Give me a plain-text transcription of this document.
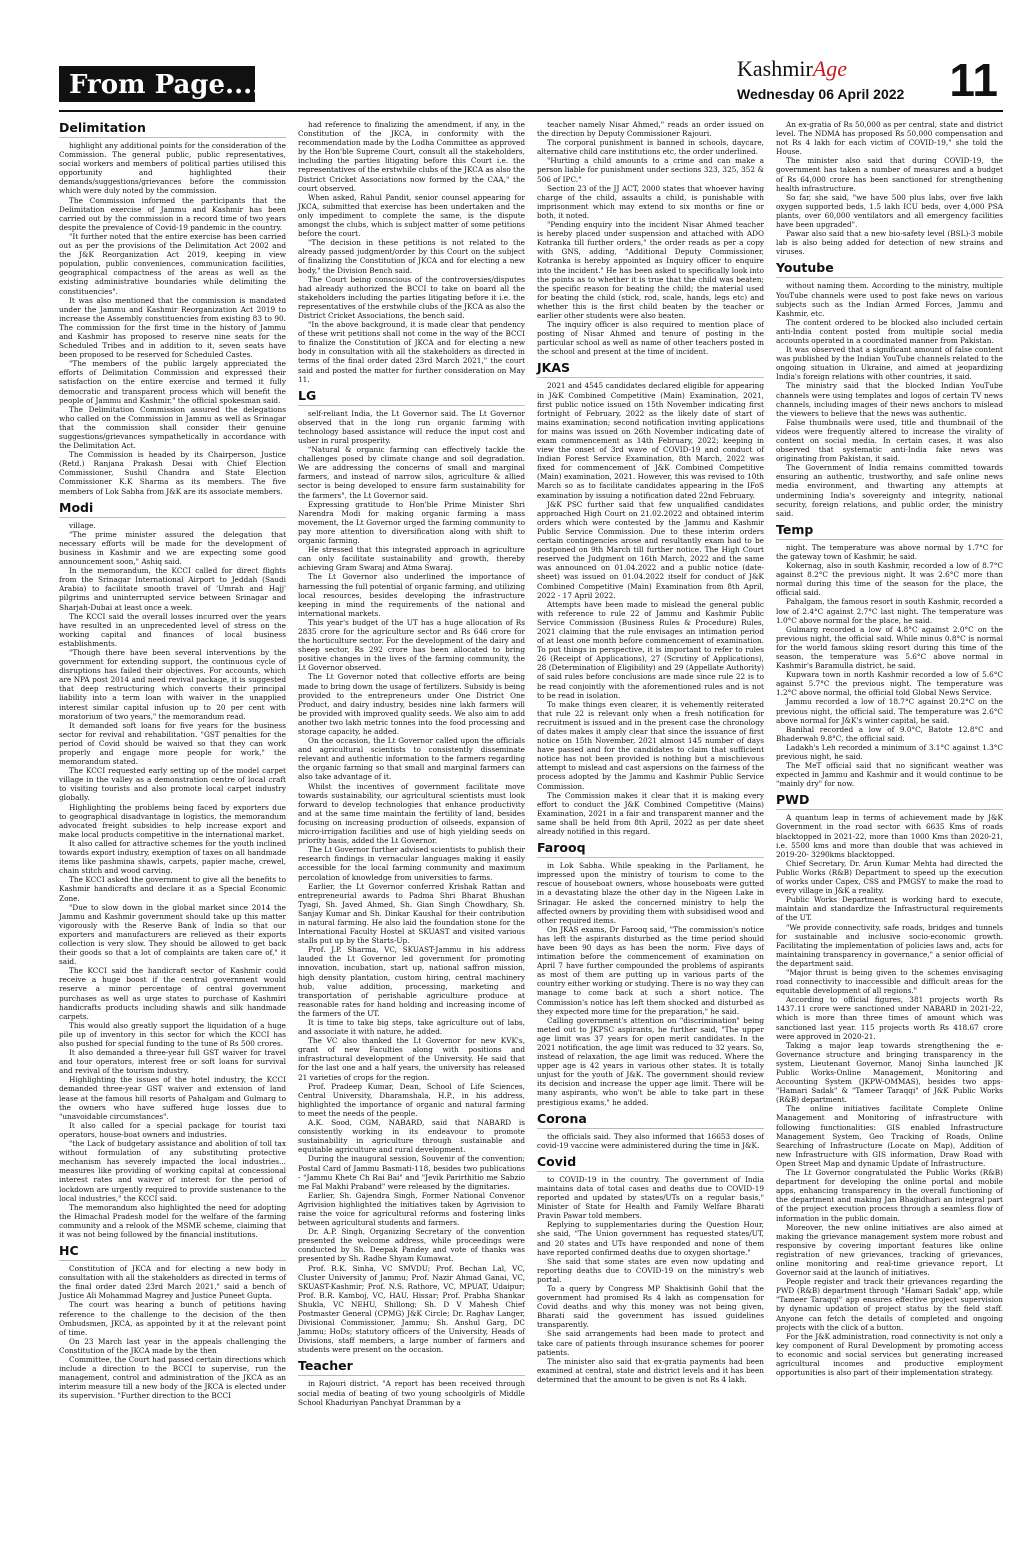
From Page....01
KashmirAge
Wednesday 06 April 2022 11
Delimitation

highlight any additional points for the consideration of the Commission. The general public, public representatives, social workers and members of political parties utilised this opportunity and highlighted their demands/suggestions/grievances before the commission which were duly noted by the commission.

The Commission informed the participants that the Delimitation exercise of Jammu and Kashmir has been carried out by the commission in a record time of two years despite the prevalence of Covid-19 pandemic in the country.

"It further noted that the entire exercise has been carried out as per the provisions of the Delimitation Act 2002 and the J&K Reorganization Act 2019, keeping in view population, public conveniences, communication facilities, geographical compactness of the areas as well as the existing administrative boundaries while delimiting the constituencies".

It was also mentioned that the commission is mandated under the Jammu and Kashmir Reorganization Act 2019 to increase the Assembly constituencies from existing 83 to 90. The commission for the first time in the history of Jammu and Kashmir has proposed to reserve nine seats for the Scheduled Tribes and in addition to it, seven seats have been proposed to be reserved for Scheduled Castes.

"The members of the public largely appreciated the efforts of Delimitation Commission and expressed their satisfaction on the entire exercise and termed it fully democratic and transparent process which will benefit the people of Jammu and Kashmir," the official spokesman said.

The Delimitation Commission assured the delegations who called on the Commission in Jammu as well as Srinagar that the commission shall consider their genuine suggestions/grievances sympathetically in accordance with the Delimitation Act.

The Commission is headed by its Chairperson, Justice (Retd.) Ranjana Prakash Desai with Chief Election Commissioner, Sushil Chandra and State Election Commissioner K.K Sharma as its members. The five members of Lok Sabha from J&K are its associate members.

Modi

village.

"The prime minister assured the delegation that necessary efforts will be made for the development of business in Kashmir and we are expecting some good announcement soon," Ashiq said.

In the memorandum, the KCCI called for direct flights from the Srinagar International Airport to Jeddah (Saudi Arabia) to facilitate smooth travel of 'Umrah and Hajj' pilgrims and uninterrupted service between Srinagar and Sharjah-Dubai at least once a week.

The KCCI said the overall losses incurred over the years have resulted in an unprecedented level of stress on the working capital and finances of local business establishments.

"Though there have been several interventions by the government for extending support, the continuous cycle of disruptions has failed their objectives. For accounts, which are NPA post 2014 and need revival package, it is suggested that deep restructuring which converts their principal liability into a term loan with waiver in the unapplied interest similar capital infusion up to 20 per cent with moratorium of two years," the memorandum read.

It demanded soft loans for five years for the business sector for revival and rehabilitation. "GST penalties for the period of Covid should be waived so that they can work properly and engage more people for work," the memorandum stated.

The KCCI requested early setting up of the model carpet village in the valley as a demonstration centre of local craft to visiting tourists and also promote local carpet industry globally.

Highlighting the problems being faced by exporters due to geographical disadvantage in logistics, the memorandum advocated freight subsidies to help increase export and make local products competitive in the international market.

It also called for attractive schemes for the youth inclined towards export industry, exemption of taxes on all handmade items like pashmina shawls, carpets, papier mache, crewel, chain stitch and wood carving.

The KCCI asked the government to give all the benefits to Kashmir handicrafts and declare it as a Special Economic Zone.

"Due to slow down in the global market since 2014 the Jammu and Kashmir government should take up this matter vigorously with the Reserve Bank of India so that our exporters and manufacturers are relieved as their exports collection is very slow. They should be allowed to get back their goods so that a lot of complaints are taken care of," it said.

The KCCI said the handicraft sector of Kashmir could receive a huge boost if the central government would reserve a minor percentage of central government purchases as well as urge states to purchase of Kashmiri handicrafts products including shawls and silk handmade carpets.

This would also greatly support the liquidation of a huge pile up of inventory in this sector for which the KCCI has also pushed for special funding to the tune of Rs 500 crores.

It also demanded a three-year full GST waiver for travel and tour operators, interest free or soft loans for survival and revival of the tourism industry.

Highlighting the issues of the hotel industry, the KCCI demanded three-year GST waiver and extension of land lease at the famous hill resorts of Pahalgam and Gulmarg to the owners who have suffered huge losses due to "unavoidable circumstances".

It also called for a special package for tourist taxi operators, house-boat owners and industries.

"the Lack of budgetary assistance and abolition of toll tax without formulation of any substituting protective mechanism has severely impacted the local industries... measures like providing of working capital at concessional interest rates and waiver of interest for the period of lockdown are urgently required to provide sustenance to the local industries," the KCCI said.

The memorandum also highlighted the need for adopting the Himachal Pradesh model for the welfare of the farming community and a relook of the MSME scheme, claiming that it was not being followed by the financial institutions.

HC

Constitution of JKCA and for electing a new body in consultation with all the stakeholders as directed in terms of the final order dated 23rd March 2021," said a bench of Justice Ali Mohammad Magrey and Justice Puneet Gupta.

The court was hearing a bunch of petitions having reference to the challenge to the decision of the then Ombudsmen, JKCA, as appointed by it at the relevant point of time.

On 23 March last year in the appeals challenging the Constitution of the JKCA made by the then

Committee, the Court had passed certain directions which include a direction to the BCCI to supervise, run the management, control and administration of the JKCA as an interim measure till a new body of the JKCA is elected under its supervision. "Further direction to the BCCI

had reference to finalizing the amendment, if any, in the Constitution of the JKCA, in conformity with the recommendation made by the Lodha Committee as approved by the Hon'ble Supreme Court, consult all the stakeholders, including the parties litigating before this Court i.e. the representatives of the erstwhile clubs of the JKCA as also the District Cricket Associations now formed by the CAA," the court observed.

When asked, Rahul Pandit, senior counsel appearing for JKCA, submitted that exercise has been undertaken and the only impediment to complete the same, is the dispute amongst the clubs, which is subject matter of some petitions before the court.

"The decision in these petitions is not related to the already passed judgment/order by this Court on the subject of finalizing the Constitution of JKCA and for electing a new body," the Division Bench said.

The Court being conscious of the controversies/disputes had already authorized the BCCI to take on board all the stakeholders including the parties litigating before it i.e. the representatives of the erstwhile clubs of the JKCA as also the District Cricket Associations, the bench said.

"In the above background, it is made clear that pendency of these writ petitions shall not come in the way of the BCCI to finalize the Constitution of JKCA and for electing a new body in consultation with all the stakeholders as directed in terms of the final order dated 23rd March 2021," the court said and posted the matter for further consideration on May 11.

LG

self-reliant India, the Lt Governor said. The Lt Governor observed that in the long run organic farming with technology based assistance will reduce the input cost and usher in rural prosperity.

"Natural & organic farming can effectively tackle the challenges posed by climate change and soil degradation. We are addressing the concerns of small and marginal farmers, and instead of narrow silos, agriculture & allied sector is being developed to ensure farm sustainability for the farmers", the Lt Governor said.

Expressing gratitude to Hon'ble Prime Minister Shri Narendra Modi for making organic farming a mass movement, the Lt Governor urged the farming community to pay more attention to diversification along with shift to organic farming.

He stressed that this integrated approach in agriculture can only facilitate sustainability and growth, thereby achieving Gram Swaraj and Atma Swaraj.

The Lt Governor also underlined the importance of harnessing the full potential of organic farming, and utilizing local resources, besides developing the infrastructure keeping in mind the requirements of the national and international markets.

This year's budget of the UT has a huge allocation of Rs 2835 crore for the agriculture sector and Rs 646 crore for the horticulture sector. For the development of the dairy and sheep sector, Rs 292 crore has been allocated to bring positive changes in the lives of the farming community, the Lt Governor observed.

The Lt Governor noted that collective efforts are being made to bring down the usage of fertilizers. Subsidy is being provided to the entrepreneurs under One District One Product, and dairy industry, besides nine lakh farmers will be provided with improved quality seeds. We also aim to add another two lakh metric tonnes into the food processing and storage capacity, he added.

On the occasion, the Lt Governor called upon the officials and agricultural scientists to consistently disseminate relevant and authentic information to the farmers regarding the organic farming so that small and marginal farmers can also take advantage of it.

Whilst the incentives of government facilitate move towards sustainability, our agricultural scientists must look forward to develop technologies that enhance productivity and at the same time maintain the fertility of land, besides focusing on increasing production of oilseeds, expansion of micro-irrigation facilities and use of high yielding seeds on priority basis, added the Lt Governor.

The Lt Governor further advised scientists to publish their research findings in vernacular languages making it easily accessible for the local farming community and maximum percolation of knowledge from universities to farms.

Earlier, the Lt Governor conferred Krishak Rattan and entrepreneurial awards to Padma Shri Bharat Bhushan Tyagi, Sh. Javed Ahmed, Sh. Gian Singh Chowdhary, Sh. Sanjay Kumar and Sh. Dinkar Kaushal for their contribution in natural farming. He also laid the foundation stone for the International Faculty Hostel at SKUAST and visited various stalls put up by the Starts-Up.

Prof. J.P. Sharma, VC, SKUAST-Jammu in his address lauded the Lt Governor led government for promoting innovation, incubation, start up, national saffron mission, high density plantation, custom hiring, central machinery hub, value addition, processing, marketing and transportation of perishable agriculture produce at reasonable rates for hand holding and increasing income of the farmers of the UT.

It is time to take big steps, take agriculture out of labs, and associate it with nature, he added.

The VC also thanked the Lt Governor for new KVK's, grant of new Faculties along with positions and infrastructural development of the University. He said that for the last one and a half years, the university has released 21 varieties of crops for the region.

Prof. Pradeep Kumar, Dean, School of Life Sciences, Central University, Dharamshala, H.P., in his address, highlighted the importance of organic and natural farming to meet the needs of the people.

A.K. Sood, CGM, NABARD, said that NABARD is consistently working in its endeavour to promote sustainability in agriculture through sustainable and equitable agriculture and rural development.

During the inaugural session, Souvenir of the convention; Postal Card of Jammu Basmati-118, besides two publications - "Jammu Khete Ch Rai Bai" and "Jevik Parirthitio me Sabzio me Fal Makhi Praband" were released by the dignitaries.

Earlier, Sh. Gajendra Singh, Former National Convenor Agrivision highlighted the initiatives taken by Agrivision to raise the voice for agricultural reforms and fostering links between agricultural students and farmers.

Dr. A.P. Singh, Organizing Secretary of the convention presented the welcome address, while proceedings were conducted by Sh. Deepak Pandey and vote of thanks was presented by Sh. Radhe Shyam Kumawat.

Prof. R.K. Sinha, VC SMVDU; Prof. Bechan Lal, VC, Cluster University of Jammu; Prof. Nazir Ahmad Ganai, VC, SKUAST-Kashmir; Prof. N.S. Rathore, VC, MPUAT, Udaipur; Prof. B.R. Kamboj, VC, HAU, Hissar; Prof. Prabha Shankar Shukla, VC NEHU, Shillong; Sh. D V Mahesh Chief Postmaster General (CPMG) J&K Circle; Dr. Raghav Langer, Divisional Commissioner, Jammu; Sh. Anshul Garg, DC Jammu; HoDs; statutory officers of the University, Heads of Divisions, staff members, a large number of farmers and students were present on the occasion.

Teacher

in Rajouri district. "A report has been received through social media of beating of two young schoolgirls of Middle School Khaduriyan Panchyat Dramman by a

teacher namely Nisar Ahmed," reads an order issued on the direction by Deputy Commissioner Rajouri.

The corporal punishment is banned in schools, daycare, alternative child care institutions etc, the order underlined.

"Hurting a child amounts to a crime and can make a person liable for punishment under sections 323, 325, 352 & 506 of IPC."

Section 23 of the JJ ACT, 2000 states that whoever having charge of the child, assaults a child, is punishable with imprisonment which may extend to six months or fine or both, it noted.

"Pending enquiry into the incident Nisar Ahmed teacher is hereby placed under suspension and attached with ADO Kotranka till further orders," the order reads as per a copy with GNS, adding, "Additional Deputy Commissioner, Kotranka is hereby appointed as Inquiry officer to enquire into the incident." He has been asked to specifically look into the points as to whether it is true that the child was beaten; the specific reason for beating the child; the material used for beating the child (stick, rod, scale, hands, legs etc) and whether this is the first child beaten by the teacher or earlier other students were also beaten.

The inquiry officer is also required to mention place of posting of Nisar Ahmed and tenure of posting in the particular school as well as name of other teachers posted in the school and present at the time of incident.

JKAS

2021 and 4545 candidates declared eligible for appearing in J&K Combined Competitive (Main) Examination, 2021, first public notice issued on 15th November indicating first fortnight of February, 2022 as the likely date of start of mains examination; second notification inviting applications for mains was issued on 26th November indicating date of exam commencement as 14th February, 2022; keeping in view the onset of 3rd wave of COVID-19 and conduct of Indian Forest Service Examination, 8th March, 2022 was fixed for commencement of J&K Combined Competitive (Main) examination, 2021. However, this was revised to 10th March so as to facilitate candidates appearing in the IFoS examination by issuing a notification dated 22nd February.

J&K PSC further said that few unqualified candidates approached High Court on 21.02.2022 and obtained interim orders which were contested by the Jammu and Kashmir Public Service Commission. Due to these interim orders certain contingencies arose and resultantly exam had to be postponed on 9th March till further notice. The High Court reserved the Judgment on 16th March, 2022 and the same was announced on 01.04.2022 and a public notice (date-sheet) was issued on 01.04.2022 itself for conduct of J&K Combined Competitive (Main) Examination from 8th April, 2022 - 17 April 2022.

Attempts have been made to mislead the general public with reference to rule 22 of Jammu and Kashmir Public Service Commission (Business Rules & Procedure) Rules, 2021 claiming that the rule envisages an intimation period of at least one month before commencement of examination. To put things in perspective, it is important to refer to rules 26 (Receipt of Applications), 27 (Scrutiny of Applications), 28 (Determination of Eligibility) and 29 (Appellate Authority) of said rules before conclusions are made since rule 22 is to be read conjointly with the aforementioned rules and is not to be read in isolation.

To make things even clearer, it is vehemently reiterated that rule 22 is relevant only when a fresh notification for recruitment is issued and in the present case the chronology of dates makes it amply clear that since the issuance of first notice on 15th November, 2021 almost 145 number of days have passed and for the candidates to claim that sufficient notice has not been provided is nothing but a mischievous attempt to mislead and cast aspersions on the fairness of the process adopted by the Jammu and Kashmir Public Service Commission.

The Commission makes it clear that it is making every effort to conduct the J&K Combined Competitive (Mains) Examination, 2021 in a fair and transparent manner and the same shall be held from 8th April, 2022 as per date sheet already notified in this regard.

Farooq

in Lok Sabha. While speaking in the Parliament, he impressed upon the ministry of tourism to come to the rescue of houseboat owners, whose houseboats were gutted in a devastating blaze the other day in the Nigeen Lake in Srinagar. He asked the concerned ministry to help the affected owners by providing them with subsidised wood and other required items.

On JKAS exams, Dr Farooq said, "The commission's notice has left the aspirants disturbed as the time period should have been 90 days as has been the norm. Five days of intimation before the commencement of examination on April 7 have further compounded the problems of aspirants as most of them are putting up in various parts of the country either working or studying. There is no way they can manage to come back at such a short notice. The Commission's notice has left them shocked and disturbed as they expected more time for the preparation," he said.

Calling government's attention on "discrimination" being meted out to JKPSC aspirants, he further said, "The upper age limit was 37 years for open merit candidates. In the 2021 notification, the age limit was reduced to 32 years. So, instead of relaxation, the age limit was reduced. Where the upper age is 42 years in various other states. It is totally unjust for the youth of J&K. The government should review its decision and increase the upper age limit. There will be many aspirants, who won't be able to take part in these prestigious exams," he added.

Corona

the officials said. They also informed that 16653 doses of covid-19 vaccine were administered during the time in J&K.

Covid

to COVID-19 in the country. The government of India maintains data of total cases and deaths due to COVID-19 reported and updated by states/UTs on a regular basis," Minister of State for Health and Family Welfare Bharati Pravin Pawar told members.

Replying to supplementaries during the Question Hour, she said, "The Union government has requested states/UT, and 20 states and UTs have responded and none of them have reported confirmed deaths due to oxygen shortage."

She said that some states are even now updating and reporting deaths due to COVID-19 on the ministry's web portal.

To a query by Congress MP Shaktisinh Gohil that the government had promised Rs 4 lakh as compensation for Covid deaths and why this money was not being given, Bharati said the government has issued guidelines transparently.

She said arrangements had been made to protect and take care of patients through insurance schemes for poorer patients.

The minister also said that ex-gratia payments had been examined at central, state and district levels and it has been determined that the amount to be given is not Rs 4 lakh.

An ex-gratia of Rs 50,000 as per central, state and district level. The NDMA has proposed Rs 50,000 compensation and not Rs 4 lakh for each victim of COVID-19," she told the House.

The minister also said that during COVID-19, the government has taken a number of measures and a budget of Rs 64,000 crore has been sanctioned for strengthening health infrastructure.

So far, she said, "we have 500 plus labs, over five lakh oxygen supported beds, 1.5 lakh ICU beds, over 4,000 PSA plants, over 60,000 ventilators and all emergency facilities have been upgraded".

Pawar also said that a new bio-safety level (BSL)-3 mobile lab is also being added for detection of new strains and viruses.

Youtube

without naming them. According to the ministry, multiple YouTube channels were used to post fake news on various subjects such as the Indian Armed Forces, Jammu and Kashmir, etc.

The content ordered to be blocked also included certain anti-India content posted from multiple social media accounts operated in a coordinated manner from Pakistan.

It was observed that a significant amount of false content was published by the Indian YouTube channels related to the ongoing situation in Ukraine, and aimed at jeopardizing India's foreign relations with other countries, it said.

The ministry said that the blocked Indian YouTube channels were using templates and logos of certain TV news channels, including images of their news anchors to mislead the viewers to believe that the news was authentic.

False thumbnails were used, title and thumbnail of the videos were frequently altered to increase the virality of content on social media. In certain cases, it was also observed that systematic anti-India fake news was originating from Pakistan, it said.

The Government of India remains committed towards ensuring an authentic, trustworthy, and safe online news media environment, and thwarting any attempts at undermining India's sovereignty and integrity, national security, foreign relations, and public order, the ministry said.

Temp

night. The temperature was above normal by 1.7°C for the gateway town of Kashmir, he said.

Kokernag, also in south Kashmir, recorded a low of 8.7°C against 8.2°C the previous night. It was 2.6°C more than normal during this time of the season for the place, the official said.

Pahalgam, the famous resort in south Kashmir, recorded a low of 2.4°C against 2.7°C last night. The temperature was 1.0°C above normal for the place, he said.

Gulmarg recorded a low of 4.8°C against 2.0°C on the previous night, the official said. While minus 0.8°C is normal for the world famous skiing resort during this time of the season, the temperature was 5.6°C above normal in Kashmir's Baramulla district, he said.

Kupwara town in north Kashmir recorded a low of 5.6°C against 5.7°C the previous night. The temperature was 1.2°C above normal, the official told Global News Service.

Jammu recorded a low of 18.7°C against 20.2°C on the previous night, the official said. The temperature was 2.6°C above normal for J&K's winter capital, he said.

Banihal recorded a low of 9.0°C, Batote 12.8°C and Bhaderwah 9.8°C, the official said.

Ladakh's Leh recorded a minimum of 3.1°C against 1.3°C previous night, he said.

The MeT official said that no significant weather was expected in Jammu and Kashmir and it would continue to be "mainly dry" for now.

PWD

A quantum leap in terms of achievement made by J&K Government in the road sector with 6635 Kms of roads blacktopped in 2021-22, more than 1000 Kms than 2020-21, i.e. 5500 kms and more than double that was achieved in 2019-20- 3290kms blacktopped.

Chief Secretary, Dr. Arun Kumar Mehta had directed the Public Works (R&B) Department to speed up the execution of works under Capex, CSS and PMGSY to make the road to every village in J&K a reality.

Public Works Department is working hard to execute, maintain and standardize the Infrastructural requirements of the UT.

"We provide connectivity, safe roads, bridges and tunnels for sustainable and inclusive socio-economic growth. Facilitating the implementation of policies laws and, acts for maintaining transparency in governance," a senior official of the department said.

"Major thrust is being given to the schemes envisaging road connectivity to inaccessible and difficult areas for the equitable development of all regions."

According to official figures, 381 projects worth Rs 1437.11 crore were sanctioned under NABARD in 2021-22, which is more than three times of amount which was sanctioned last year. 115 projects worth Rs 418.67 crore were approved in 2020-21.

Taking a major leap towards strengthening the e-Governance structure and bringing transparency in the system, Lieutenant Governor, Manoj Sinha launched JK Public Works-Online Management, Monitoring and Accounting System (JKPW-OMMAS), besides two apps- "Hamari Sadak" & "Tameer Taraqqi" of J&K Public Works (R&B) department.

The online initiatives facilitate Complete Online Management and Monitoring of infrastructure with following functionalities: GIS enabled Infrastructure Management System, Geo Tracking of Roads, Online Searching of Infrastructure (Locate on Map), Addition of new Infrastructure with GIS information, Draw Road with Open Street Map and dynamic Update of Infrastructure.

The Lt Governor congratulated the Public Works (R&B) department for developing the online portal and mobile apps, enhancing transparency in the overall functioning of the department and making Jan Bhagidhari an integral part of the project execution process through a seamless flow of information in the public domain.

Moreover, the new online initiatives are also aimed at making the grievance management system more robust and responsive by covering important features like online registration of new grievances, tracking of grievances, online monitoring and real-time grievance report, Lt Governor said at the launch of initiatives.

People register and track their grievances regarding the PWD (R&B) department through "Hamari Sadak" app, while "Tameer Taraqqi" app ensures effective project supervision by dynamic updation of project status by the field staff. Anyone can fetch the details of completed and ongoing projects with the click of a button.

For the J&K administration, road connectivity is not only a key component of Rural Development by promoting access to economic and social services but generating increased agricultural incomes and productive employment opportunities is also part of their implementation strategy.
